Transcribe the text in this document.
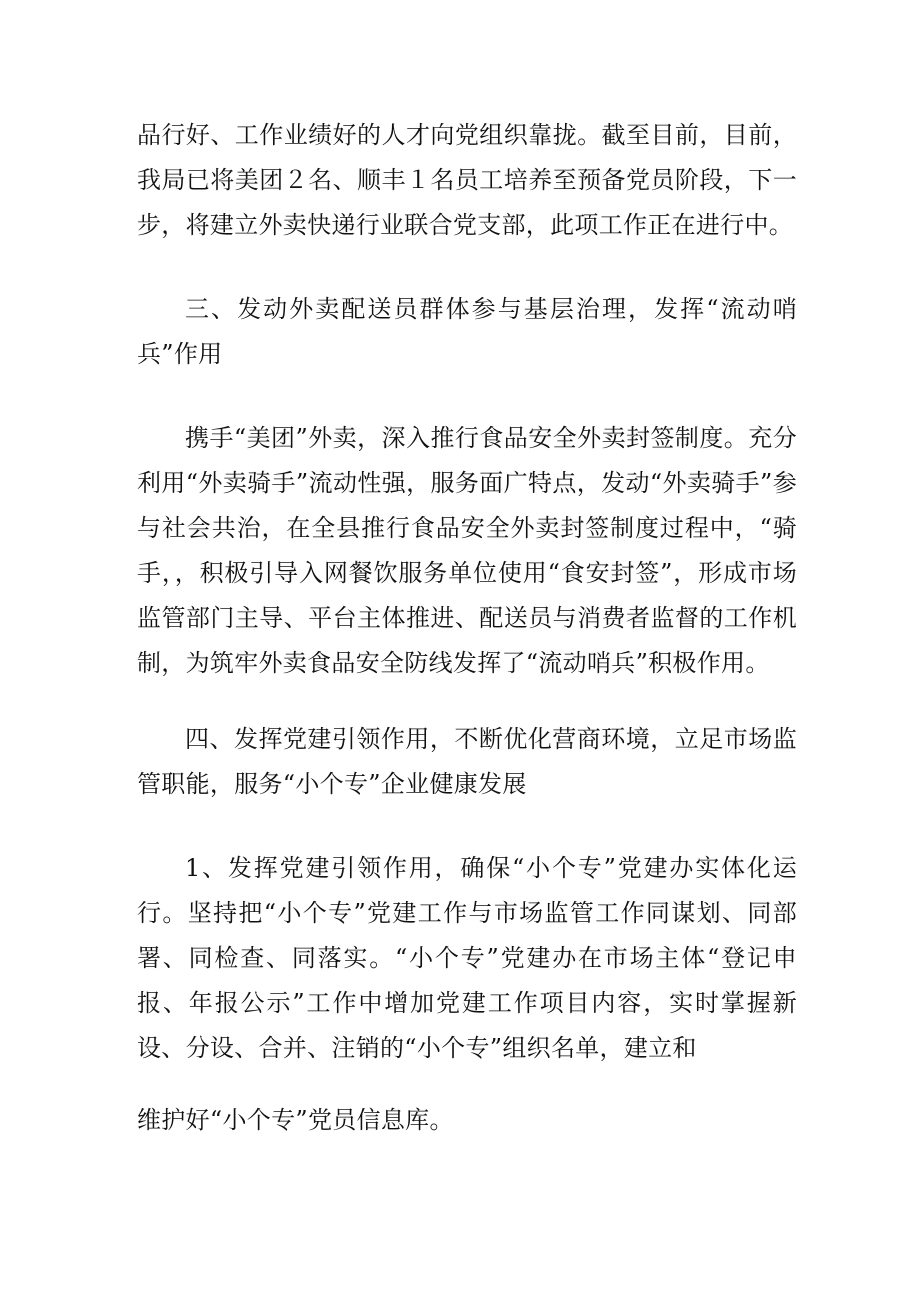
品行好、工作业绩好的人才向党组织靠拢。截至目前，目前，我局已将美团２名、顺丰１名员工培养至预备党员阶段，下一步，将建立外卖快递行业联合党支部，此项工作正在进行中。

三、发动外卖配送员群体参与基层治理，发挥“流动哨兵”作用

携手“美团”外卖，深入推行食品安全外卖封签制度。充分利用“外卖骑手”流动性强，服务面广特点，发动“外卖骑手”参与社会共治，在全县推行食品安全外卖封签制度过程中，“骑手，，积极引导入网餐饮服务单位使用“食安封签”，形成市场监管部门主导、平台主体推进、配送员与消费者监督的工作机制，为筑牢外卖食品安全防线发挥了“流动哨兵”积极作用。

四、发挥党建引领作用，不断优化营商环境，立足市场监管职能，服务“小个专”企业健康发展

1、发挥党建引领作用，确保“小个专”党建办实体化运行。坚持把“小个专”党建工作与市场监管工作同谋划、同部署、同检查、同落实。“小个专”党建办在市场主体“登记申报、年报公示”工作中增加党建工作项目内容，实时掌握新设、分设、合并、注销的“小个专”组织名单，建立和

维护好“小个专”党员信息库。
